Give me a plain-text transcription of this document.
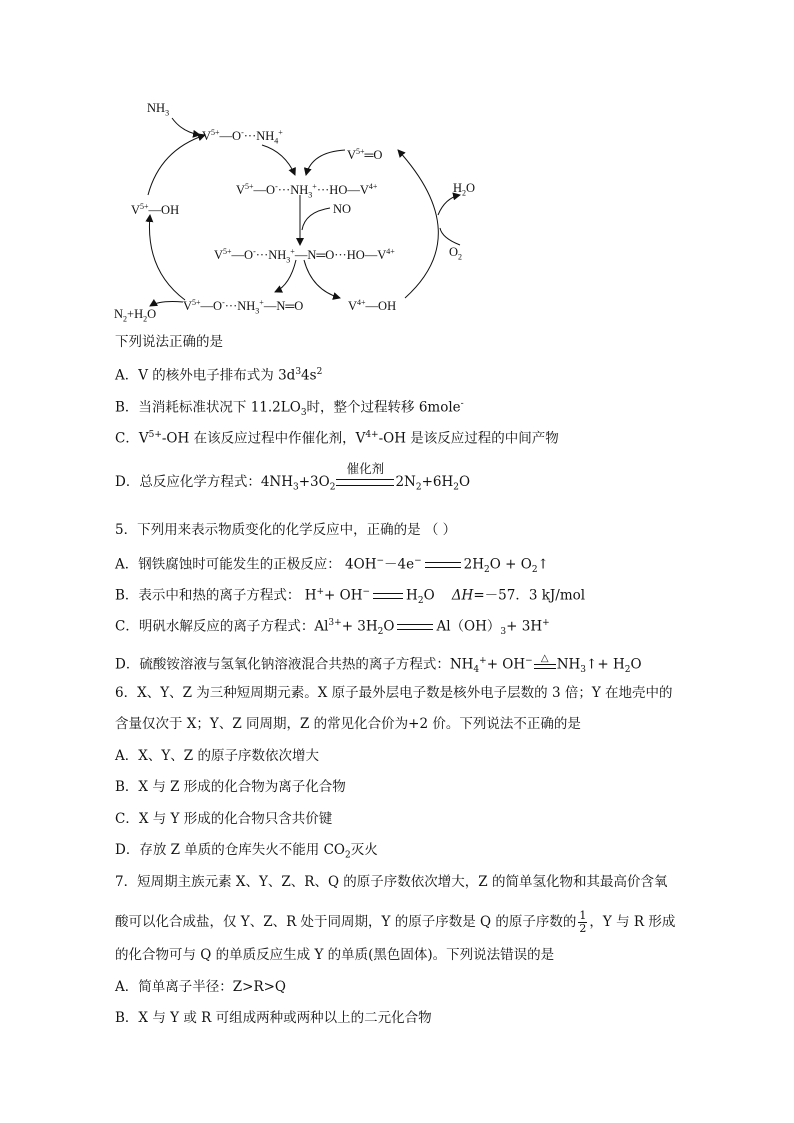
$NH_3$
$V^{5+}—O^-\cdot\cdot\cdot NH_4^+$
$V^{5+}═O$
$V^{5+}—O^-\cdot\cdot\cdot NH_3^+\cdot\cdot\cdot HO—V^{4+}$
$V^{5+}—OH$
$H_2O$
NO
$O_2$
$V^{5+}—O^-\cdot\cdot\cdot NH_3^+—N═O\cdot\cdot\cdot HO—V^{4+}$
$V^{5+}—O^-\cdot\cdot\cdot NH_3^+—N═O$	$V^{4+}—OH$
$N_2+H_2O$
下列说法正确的是
A．V 的核外电子排布式为 $3d^34s^2$
B．当消耗标准状况下 $11.2LO_3$时，整个过程转移 6mole-
C．$V^{5+}-OH$ 在该反应过程中作催化剂，$V^{4+}-OH$ 是该反应过程的中间产物
D．总反应化学方程式：$4NH_3+3O_2$
催化剂
$2N_2+6H_2O$
5．下列用来表示物质变化的化学反应中，正确的是 （ ）
A．钢铁腐蚀时可能发生的正极反应： 4OH−－4e−	$2H_2O$ + $O_2↑$
B．表示中和热的离子方程式： H++ OH−	$H_2O$ ΔH=－57．3 kJ/mol
C．明矾水解反应的离子方程式：$Al^{3+}+ 3H_2O$	$Al(OH)_3+ 3H^+$
D．硫酸铵溶液与氢氧化钠溶液混合共热的离子方程式：$NH_4^++ OH^-$ △ $NH_3↑+ H_2O$
6．X、Y、Z 为三种短周期元素。X 原子最外层电子数是核外电子层数的 3 倍；Y 在地壳中的
含量仅次于 X；Y、Z 同周期，Z 的常见化合价为+2 价。下列说法不正确的是
A．X、Y、Z 的原子序数依次增大
B．X 与 Z 形成的化合物为离子化合物
C．X 与 Y 形成的化合物只含共价键
D．存放 Z 单质的仓库失火不能用 $CO_2$灭火
7．短周期主族元素 X、Y、Z、R、Q 的原子序数依次增大，Z 的简单氢化物和其最高价含氧
酸可以化合成盐，仅 Y、Z、R 处于同周期，Y 的原子序数是 Q 的原子序数的 $\frac{1}{2}$ ，Y 与 R 形成
的化合物可与 Q 的单质反应生成 Y 的单质(黑色固体)。下列说法错误的是
A．简单离子半径：Z>R>Q
B．X 与 Y 或 R 可组成两种或两种以上的二元化合物
